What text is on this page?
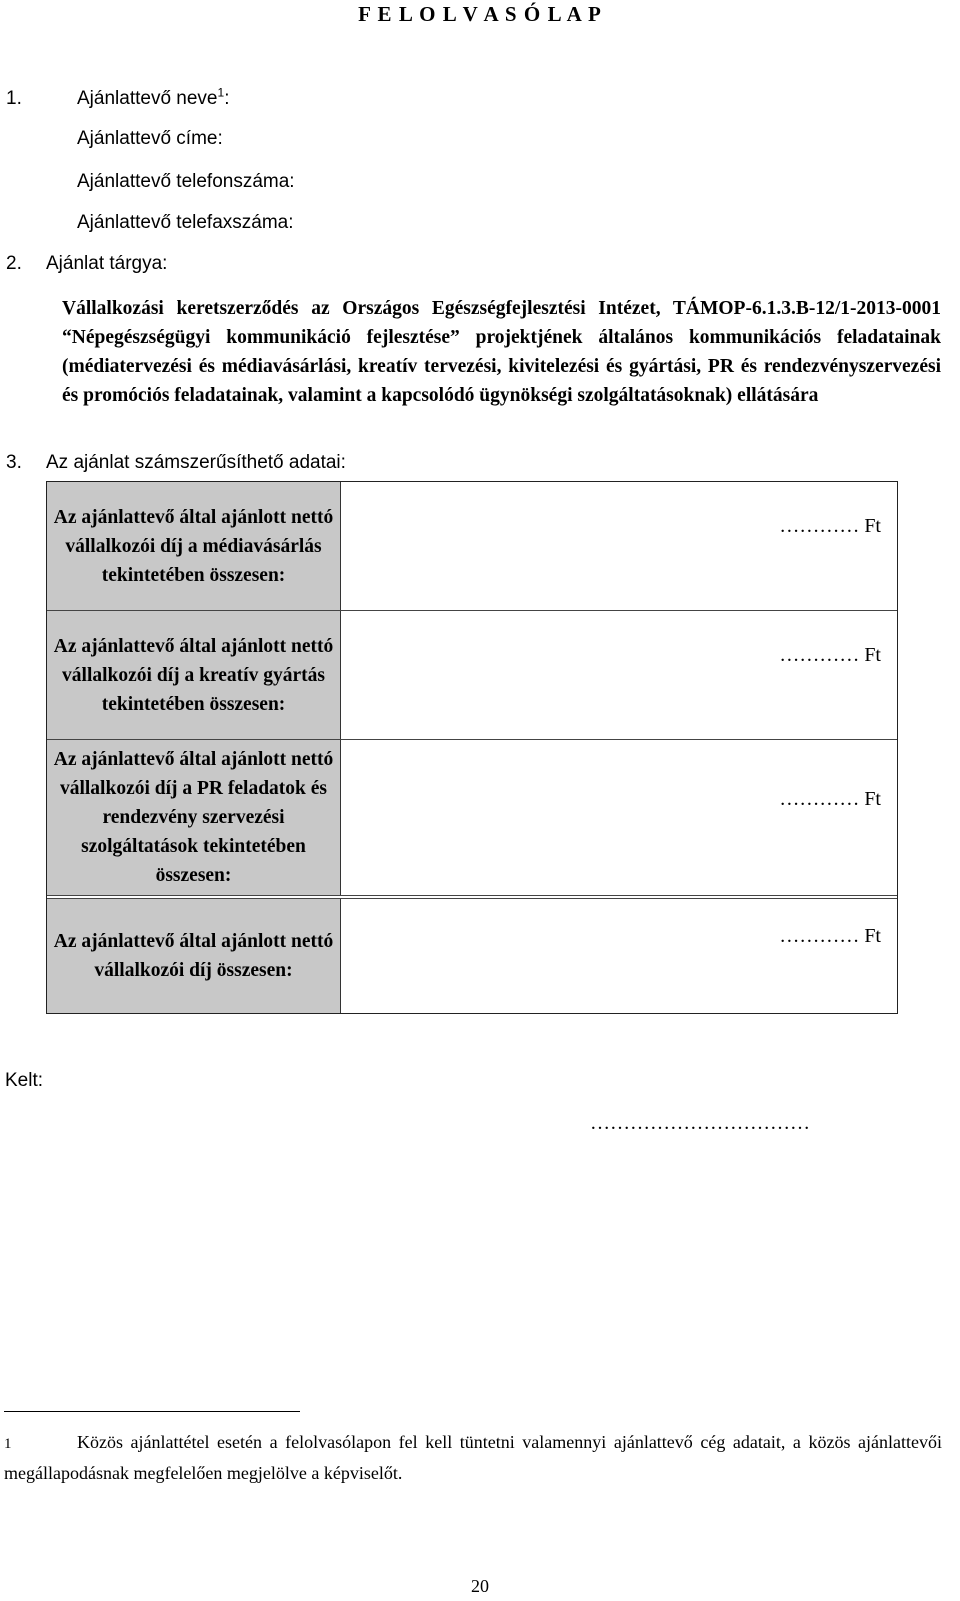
F E L O L V A S Ó L A P
1.	Ajánlattevő neve$^1$:
Ajánlattevő címe:
Ajánlattevő telefonszáma:
Ajánlattevő telefaxszáma:
2. Ajánlat tárgya:
Vállalkozási keretszerződés az Országos Egészségfejlesztési Intézet, TÁMOP-6.1.3.B-12/1-2013-0001 “Népegészségügyi kommunikáció fejlesztése” projektjének általános kommunikációs feladatainak (médiatervezési és médiavásárlási, kreatív tervezési, kivitelezési és gyártási, PR és rendezvényszervezési és promóciós feladatainak, valamint a kapcsolódó ügynökségi szolgáltatásoknak) ellátására
3. Az ajánlat számszerűsíthető adatai:
Az ajánlattevő által ajánlott nettó vállalkozói díj a médiavásárlás tekintetében összesen:
………… Ft
Az ajánlattevő által ajánlott nettó vállalkozói díj a kreatív gyártás tekintetében összesen:
………… Ft
Az ajánlattevő által ajánlott nettó vállalkozói díj a PR feladatok és rendezvény szervezési szolgáltatások tekintetében összesen:
………… Ft
Az ajánlattevő által ajánlott nettó vállalkozói díj összesen:
………… Ft
Kelt:
……………………………
1	Közös ajánlattétel esetén a felolvasólapon fel kell tüntetni valamennyi ajánlattevő cég adatait, a közös ajánlattevői megállapodásnak megfelelően megjelölve a képviselőt.
20
